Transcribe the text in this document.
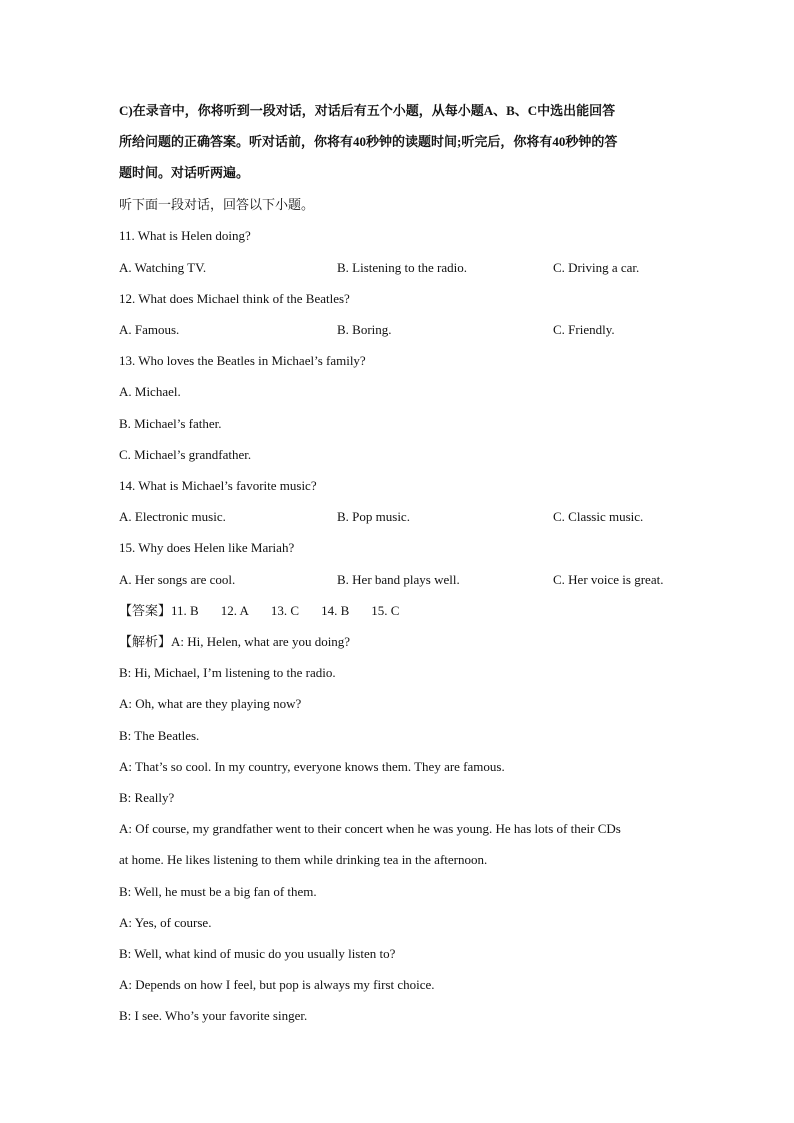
C)在录音中，你将听到一段对话，对话后有五个小题，从每小题A、B、C中选出能回答
所给问题的正确答案。听对话前，你将有40秒钟的读题时间;听完后，你将有40秒钟的答
题时间。对话听两遍。
听下面一段对话，回答以下小题。
11. What is Helen doing?
A. Watching TV.	B. Listening to the radio.	C. Driving a car.
12. What does Michael think of the Beatles?
A. Famous.	B. Boring.	C. Friendly.
13. Who loves the Beatles in Michael’s family?
A. Michael.
B. Michael’s father.
C. Michael’s grandfather.
14. What is Michael’s favorite music?
A. Electronic music.	B. Pop music.	C. Classic music.
15. Why does Helen like Mariah?
A. Her songs are cool.	B. Her band plays well.	C. Her voice is great.
【答案】11. B 12. A 13. C 14. B 15. C
【解析】A: Hi, Helen, what are you doing?
B: Hi, Michael, I’m listening to the radio.
A: Oh, what are they playing now?
B: The Beatles.
A: That’s so cool. In my country, everyone knows them. They are famous.
B: Really?
A: Of course, my grandfather went to their concert when he was young. He has lots of their CDs
at home. He likes listening to them while drinking tea in the afternoon.
B: Well, he must be a big fan of them.
A: Yes, of course.
B: Well, what kind of music do you usually listen to?
A: Depends on how I feel, but pop is always my first choice.
B: I see. Who’s your favorite singer.
